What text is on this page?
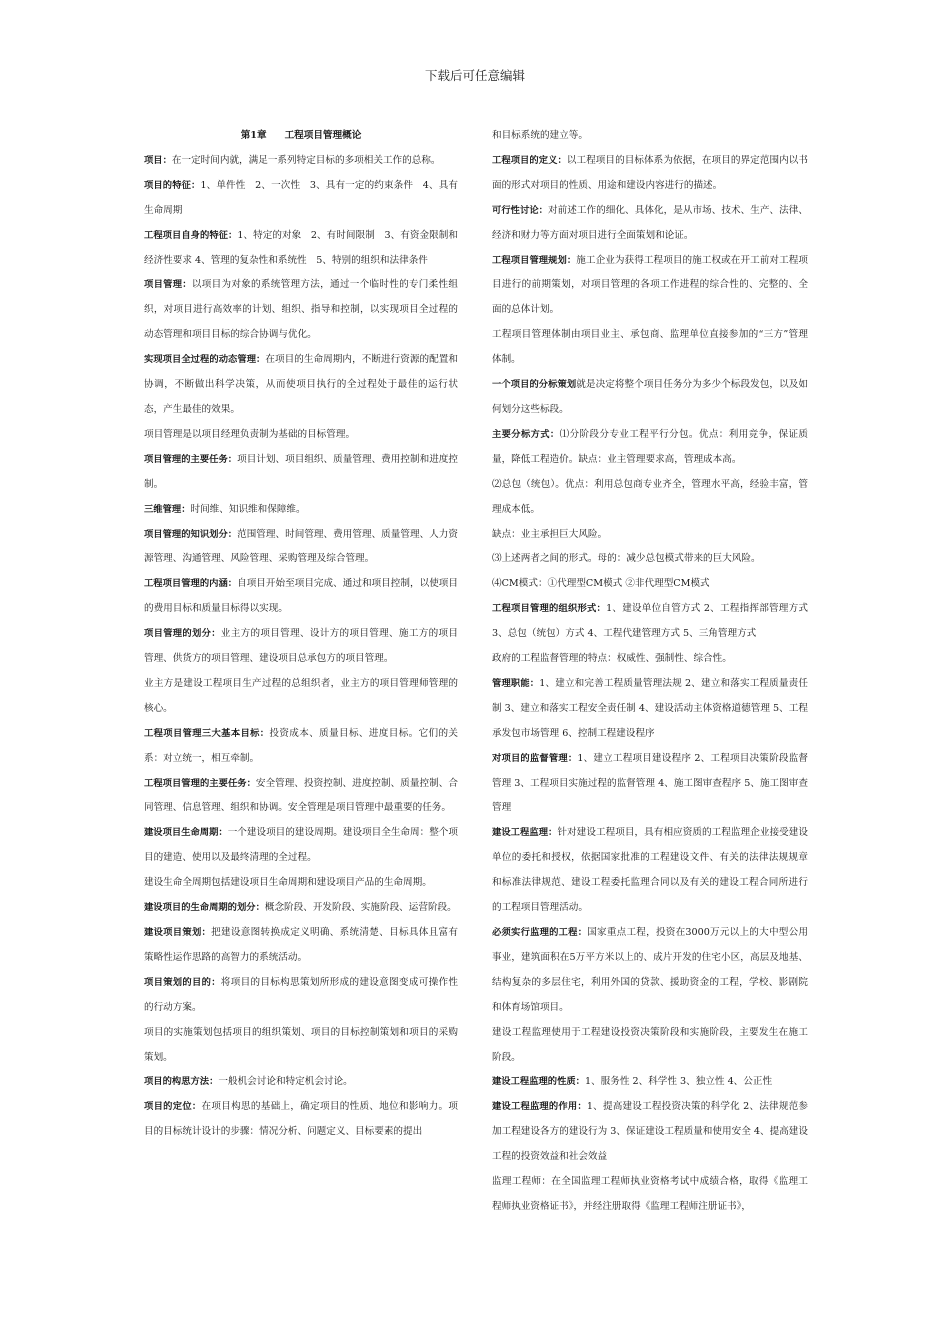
下载后可任意编辑

第1章 工程项目管理概论

项目：在一定时间内就，满足一系列特定目标的多项相关工作的总称。

项目的特征：1、单件性　2、一次性　3、具有一定的约束条件　4、具有生命周期

工程项目自身的特征：1、特定的对象　2、有时间限制　3、有资金限制和经济性要求 4、管理的复杂性和系统性　5、特别的组织和法律条件

项目管理：以项目为对象的系统管理方法，通过一个临时性的专门柔性组织，对项目进行高效率的计划、组织、指导和控制，以实现项目全过程的动态管理和项目目标的综合协调与优化。

实现项目全过程的动态管理：在项目的生命周期内，不断进行资源的配置和协调，不断做出科学决策，从而使项目执行的全过程处于最佳的运行状态，产生最佳的效果。

项目管理是以项目经理负责制为基础的目标管理。

项目管理的主要任务：项目计划、项目组织、质量管理、费用控制和进度控制。

三维管理：时间维、知识维和保障维。

项目管理的知识划分：范围管理、时间管理、费用管理、质量管理、人力资源管理、沟通管理、风险管理、采购管理及综合管理。

工程项目管理的内涵：自项目开始至项目完成、通过和项目控制，以使项目的费用目标和质量目标得以实现。

项目管理的划分：业主方的项目管理、设计方的项目管理、施工方的项目管理、供货方的项目管理、建设项目总承包方的项目管理。

业主方是建设工程项目生产过程的总组织者，业主方的项目管理师管理的核心。

工程项目管理三大基本目标：投资成本、质量目标、进度目标。它们的关系：对立统一，相互牵制。

工程项目管理的主要任务：安全管理、投资控制、进度控制、质量控制、合同管理、信息管理、组织和协调。安全管理是项目管理中最重要的任务。

建设项目生命周期：一个建设项目的建设周期。建设项目全生命周：整个项目的建造、使用以及最终清理的全过程。

建设生命全周期包括建设项目生命周期和建设项目产品的生命周期。

建设项目的生命周期的划分：概念阶段、开发阶段、实施阶段、运营阶段。

建设项目策划：把建设意图转换成定义明确、系统清楚、目标具体且富有策略性运作思路的高智力的系统活动。

项目策划的目的：将项目的目标构思策划所形成的建设意图变成可操作性的行动方案。

项目的实施策划包括项目的组织策划、项目的目标控制策划和项目的采购策划。

项目的构思方法：一般机会讨论和特定机会讨论。

项目的定位：在项目构思的基础上，确定项目的性质、地位和影响力。项目的目标统计设计的步骤：情况分析、问题定义、目标要素的提出

和目标系统的建立等。

工程项目的定义：以工程项目的目标体系为依据，在项目的界定范围内以书面的形式对项目的性质、用途和建设内容进行的描述。

可行性讨论：对前述工作的细化、具体化，是从市场、技术、生产、法律、经济和财力等方面对项目进行全面策划和论证。

工程项目管理规划：施工企业为获得工程项目的施工权或在开工前对工程项目进行的前期策划，对项目管理的各项工作进程的综合性的、完整的、全面的总体计划。

工程项目管理体制由项目业主、承包商、监理单位直接参加的“三方”管理体制。

一个项目的分标策划就是决定将整个项目任务分为多少个标段发包，以及如何划分这些标段。

主要分标方式：⑴分阶段分专业工程平行分包。优点：利用竞争，保证质量，降低工程造价。缺点：业主管理要求高，管理成本高。

⑵总包（统包）。优点：利用总包商专业齐全，管理水平高，经验丰富，管理成本低。

缺点：业主承担巨大风险。

⑶上述两者之间的形式。母的：减少总包模式带来的巨大风险。

⑷CM模式：①代理型CM模式 ②非代理型CM模式

工程项目管理的组织形式：1、建设单位自管方式 2、工程指挥部管理方式 3、总包（统包）方式 4、工程代建管理方式 5、三角管理方式

政府的工程监督管理的特点：权威性、强制性、综合性。

管理职能：1、建立和完善工程质量管理法规 2、建立和落实工程质量责任制 3、建立和落实工程安全责任制 4、建设活动主体资格道德管理 5、工程承发包市场管理 6、控制工程建设程序

对项目的监督管理：1、建立工程项目建设程序 2、工程项目决策阶段监督管理 3、工程项目实施过程的监督管理 4、施工图审查程序 5、施工图审查管理

建设工程监理：针对建设工程项目，具有相应资质的工程监理企业接受建设单位的委托和授权，依据国家批准的工程建设文件、有关的法律法规规章和标准法律规范、建设工程委托监理合同以及有关的建设工程合同所进行的工程项目管理活动。

必须实行监理的工程：国家重点工程，投资在3000万元以上的大中型公用事业，建筑面积在5万平方米以上的、成片开发的住宅小区，高层及地基、结构复杂的多层住宅，利用外国的贷款、援助资金的工程，学校、影剧院和体育场馆项目。

建设工程监理使用于工程建设投资决策阶段和实施阶段，主要发生在施工阶段。

建设工程监理的性质：1、服务性 2、科学性 3、独立性 4、公正性

建设工程监理的作用：1、提高建设工程投资决策的科学化 2、法律规范参加工程建设各方的建设行为 3、保证建设工程质量和使用安全 4、提高建设工程的投资效益和社会效益

监理工程师：在全国监理工程师执业资格考试中成绩合格，取得《监理工程师执业资格证书》，并经注册取得《监理工程师注册证书》，
